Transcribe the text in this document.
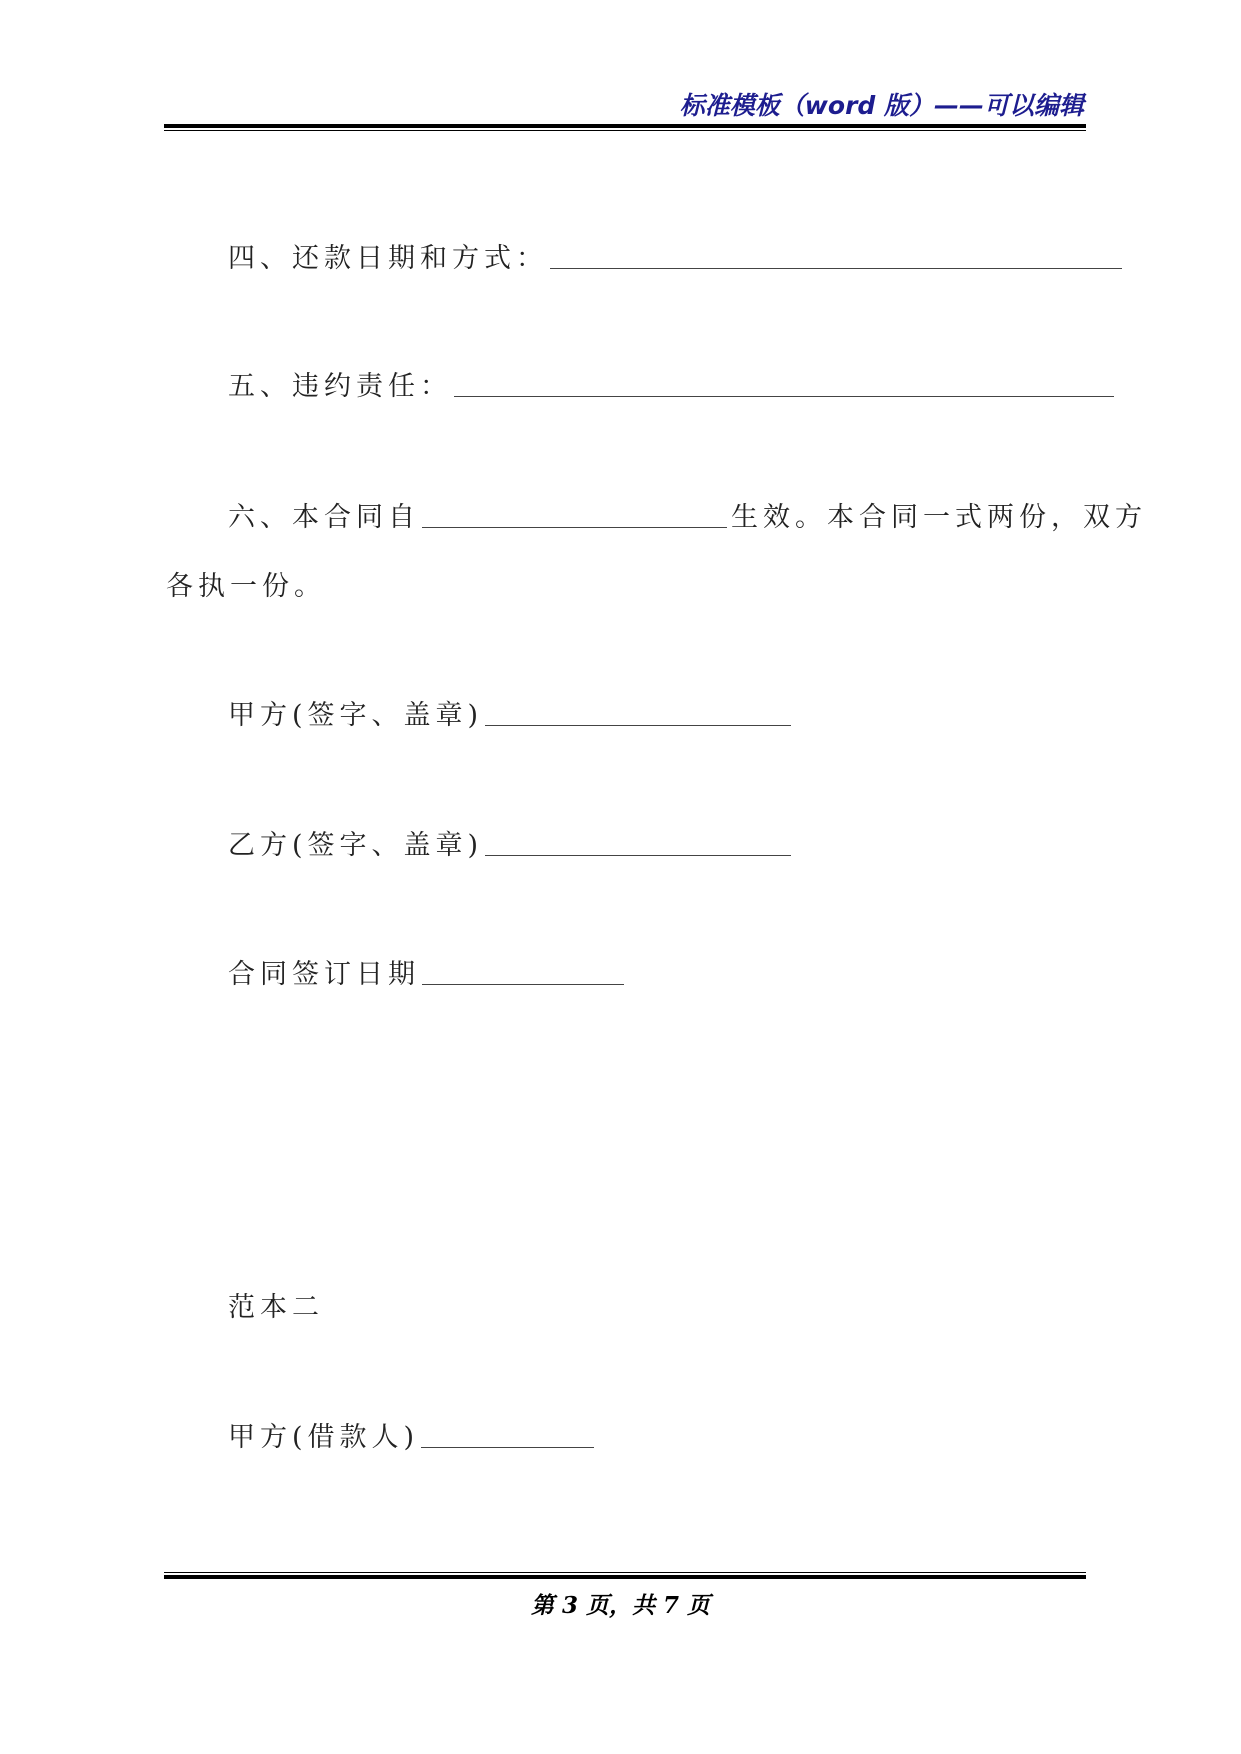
标准模板（word 版）——可以编辑
四、还款日期和方式：
五、违约责任：
六、本合同自	生效。本合同一式两份，双方
各执一份。
甲方(签字、盖章)
乙方(签字、盖章)
合同签订日期
范本二
甲方(借款人)
第 3 页，共 7 页
